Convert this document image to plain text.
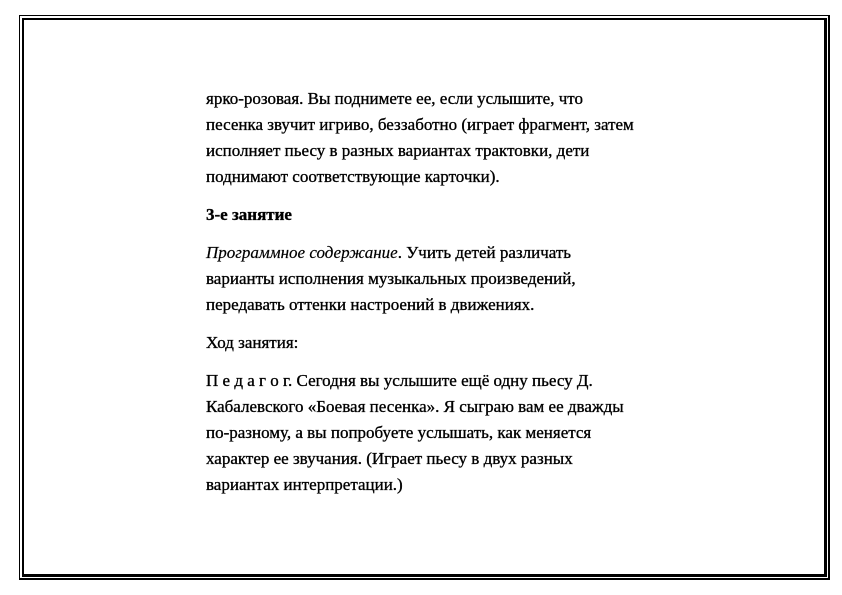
ярко-розовая. Вы поднимете ее, если услышите, что
песенка звучит игриво, беззаботно (играет фрагмент, затем
исполняет пьесу в разных вариантах трактовки, дети
поднимают соответствующие карточки).

3-е занятие

Программное содержание. Учить детей различать
варианты исполнения музыкальных произведений,
передавать оттенки настроений в движениях.

Ход занятия:

П е д а г о г. Сегодня вы услышите ещё одну пьесу Д.
Кабалевского «Боевая песенка». Я сыграю вам ее дважды
по-разному, а вы попробуете услышать, как меняется
характер ее звучания. (Играет пьесу в двух разных
вариантах интерпретации.)
